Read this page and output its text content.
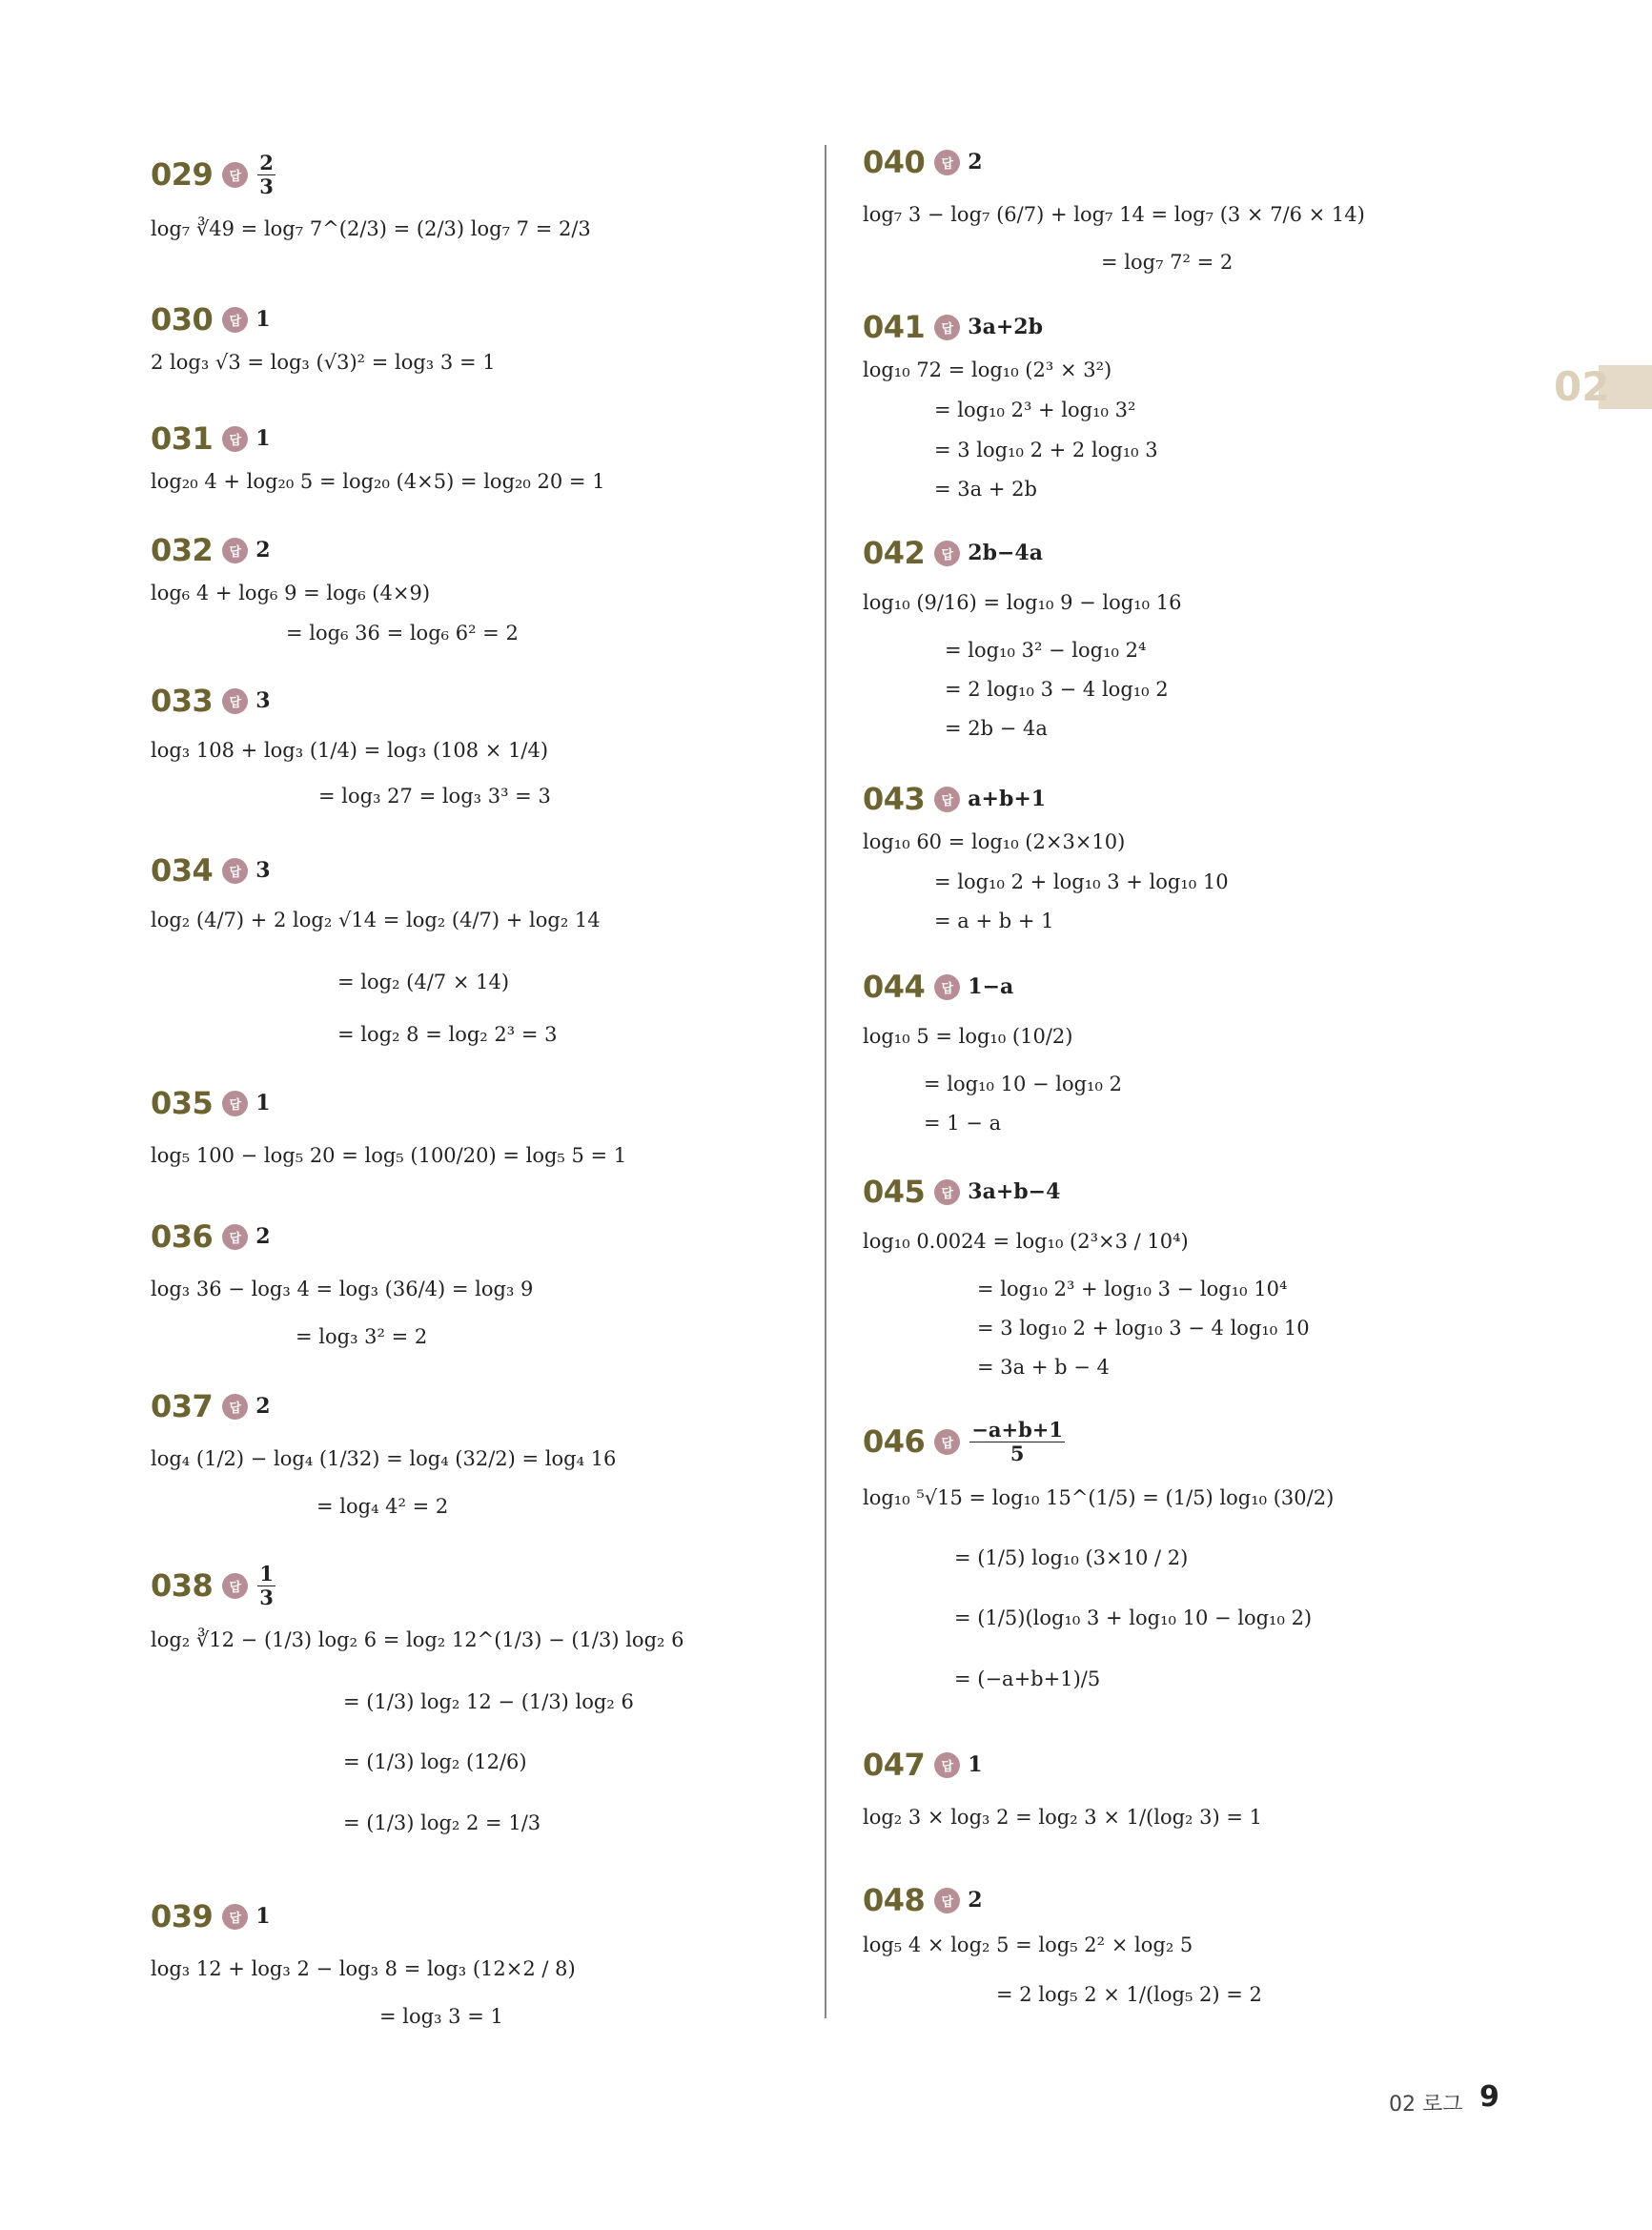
02
029	답 $\frac{2}{3}$
log₇ ∛49 = log₇ 7^(2/3) = (2/3) log₇ 7 = 2/3
030	답 1
2 log₃ √3 = log₃ (√3)² = log₃ 3 = 1
031	답 1
log₂₀ 4 + log₂₀ 5 = log₂₀ (4×5) = log₂₀ 20 = 1
032	답 2
log₆ 4 + log₆ 9 = log₆ (4×9)
= log₆ 36 = log₆ 6² = 2
033	답 3
log₃ 108 + log₃ (1/4) = log₃ (108 × 1/4)
= log₃ 27 = log₃ 3³ = 3
034	답 3
log₂ (4/7) + 2 log₂ √14 = log₂ (4/7) + log₂ 14
= log₂ (4/7 × 14)
= log₂ 8 = log₂ 2³ = 3
035	답 1
log₅ 100 − log₅ 20 = log₅ (100/20) = log₅ 5 = 1
036	답 2
log₃ 36 − log₃ 4 = log₃ (36/4) = log₃ 9
= log₃ 3² = 2
037	답 2
log₄ (1/2) − log₄ (1/32) = log₄ (32/2) = log₄ 16
= log₄ 4² = 2
038	답 $\frac{1}{3}$
log₂ ∛12 − (1/3) log₂ 6 = log₂ 12^(1/3) − (1/3) log₂ 6
= (1/3) log₂ 12 − (1/3) log₂ 6
= (1/3) log₂ (12/6)
= (1/3) log₂ 2 = 1/3
039	답 1
log₃ 12 + log₃ 2 − log₃ 8 = log₃ (12×2 / 8)
= log₃ 3 = 1
040	답 2
log₇ 3 − log₇ (6/7) + log₇ 14 = log₇ (3 × 7/6 × 14)
= log₇ 7² = 2
041	답 3a+2b
log₁₀ 72 = log₁₀ (2³ × 3²)
= log₁₀ 2³ + log₁₀ 3²
= 3 log₁₀ 2 + 2 log₁₀ 3
= 3a + 2b
042	답 2b−4a
log₁₀ (9/16) = log₁₀ 9 − log₁₀ 16
= log₁₀ 3² − log₁₀ 2⁴
= 2 log₁₀ 3 − 4 log₁₀ 2
= 2b − 4a
043	답 a+b+1
log₁₀ 60 = log₁₀ (2×3×10)
= log₁₀ 2 + log₁₀ 3 + log₁₀ 10
= a + b + 1
044	답 1−a
log₁₀ 5 = log₁₀ (10/2)
= log₁₀ 10 − log₁₀ 2
= 1 − a
045	답 3a+b−4
log₁₀ 0.0024 = log₁₀ (2³×3 / 10⁴)
= log₁₀ 2³ + log₁₀ 3 − log₁₀ 10⁴
= 3 log₁₀ 2 + log₁₀ 3 − 4 log₁₀ 10
= 3a + b − 4
046	답 $\frac{-a+b+1}{5}$
log₁₀ ⁵√15 = log₁₀ 15^(1/5) = (1/5) log₁₀ (30/2)
= (1/5) log₁₀ (3×10 / 2)
= (1/5)(log₁₀ 3 + log₁₀ 10 − log₁₀ 2)
= (−a+b+1)/5
047	답 1
log₂ 3 × log₃ 2 = log₂ 3 × 1/(log₂ 3) = 1
048	답 2
log₅ 4 × log₂ 5 = log₅ 2² × log₂ 5
= 2 log₅ 2 × 1/(log₅ 2) = 2
02 로그 9
